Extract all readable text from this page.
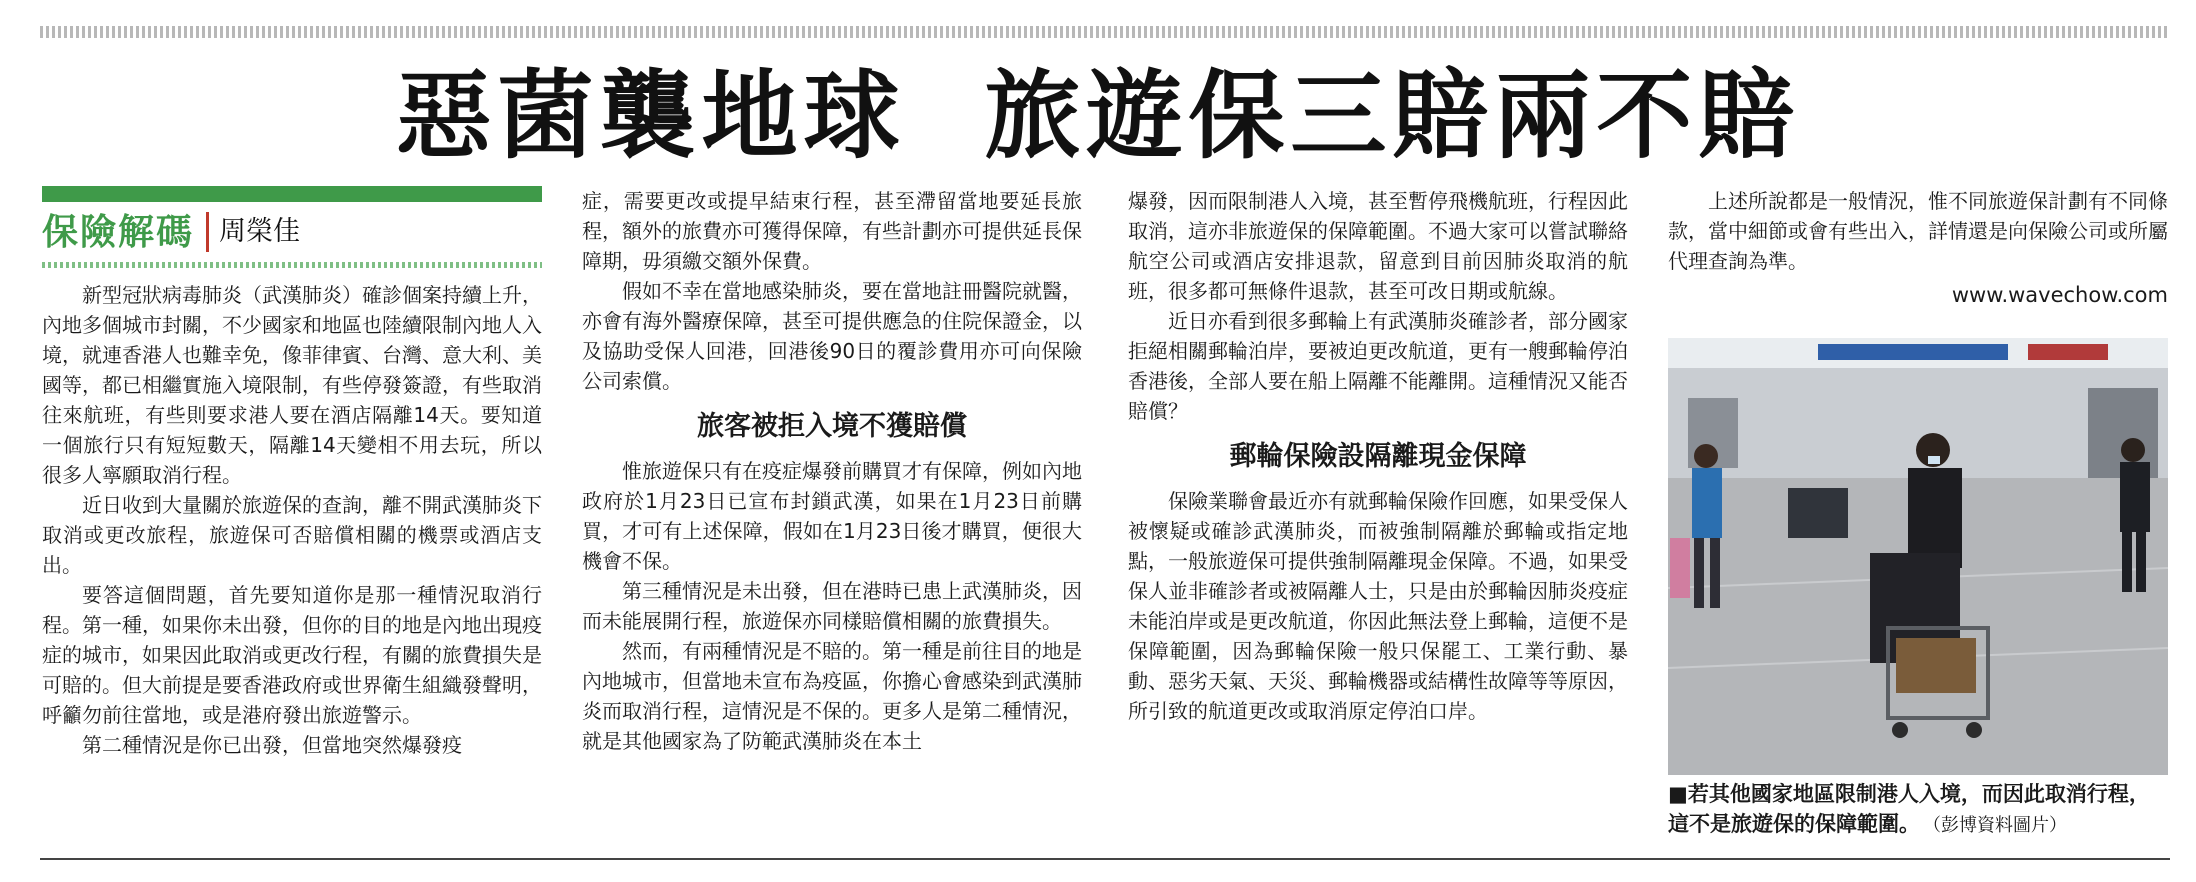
惡菌襲地球  旅遊保三賠兩不賠
保險解碼 周榮佳

新型冠狀病毒肺炎（武漢肺炎）確診個案持續上升，內地多個城市封關，不少國家和地區也陸續限制內地人入境，就連香港人也難幸免，像菲律賓、台灣、意大利、美國等，都已相繼實施入境限制，有些停發簽證，有些取消往來航班，有些則要求港人要在酒店隔離14天。要知道一個旅行只有短短數天，隔離14天變相不用去玩，所以很多人寧願取消行程。

近日收到大量關於旅遊保的查詢，離不開武漢肺炎下取消或更改旅程，旅遊保可否賠償相關的機票或酒店支出。

要答這個問題，首先要知道你是那一種情況取消行程。第一種，如果你未出發，但你的目的地是內地出現疫症的城市，如果因此取消或更改行程，有關的旅費損失是可賠的。但大前提是要香港政府或世界衛生組織發聲明，呼籲勿前往當地，或是港府發出旅遊警示。

第二種情況是你已出發，但當地突然爆發疫

症，需要更改或提早結束行程，甚至滯留當地要延長旅程，額外的旅費亦可獲得保障，有些計劃亦可提供延長保障期，毋須繳交額外保費。

假如不幸在當地感染肺炎，要在當地註冊醫院就醫，亦會有海外醫療保障，甚至可提供應急的住院保證金，以及協助受保人回港，回港後90日的覆診費用亦可向保險公司索償。

旅客被拒入境不獲賠償

惟旅遊保只有在疫症爆發前購買才有保障，例如內地政府於1月23日已宣布封鎖武漢，如果在1月23日前購買，才可有上述保障，假如在1月23日後才購買，便很大機會不保。

第三種情況是未出發，但在港時已患上武漢肺炎，因而未能展開行程，旅遊保亦同樣賠償相關的旅費損失。

然而，有兩種情況是不賠的。第一種是前往目的地是內地城市，但當地未宣布為疫區，你擔心會感染到武漢肺炎而取消行程，這情況是不保的。更多人是第二種情況，就是其他國家為了防範武漢肺炎在本土

爆發，因而限制港人入境，甚至暫停飛機航班，行程因此取消，這亦非旅遊保的保障範圍。不過大家可以嘗試聯絡航空公司或酒店安排退款，留意到目前因肺炎取消的航班，很多都可無條件退款，甚至可改日期或航線。

近日亦看到很多郵輪上有武漢肺炎確診者，部分國家拒絕相關郵輪泊岸，要被迫更改航道，更有一艘郵輪停泊香港後，全部人要在船上隔離不能離開。這種情況又能否賠償？

郵輪保險設隔離現金保障

保險業聯會最近亦有就郵輪保險作回應，如果受保人被懷疑或確診武漢肺炎，而被強制隔離於郵輪或指定地點，一般旅遊保可提供強制隔離現金保障。不過，如果受保人並非確診者或被隔離人士，只是由於郵輪因肺炎疫症未能泊岸或是更改航道，你因此無法登上郵輪，這便不是保障範圍，因為郵輪保險一般只保罷工、工業行動、暴動、惡劣天氣、天災、郵輪機器或結構性故障等等原因，所引致的航道更改或取消原定停泊口岸。

上述所說都是一般情況，惟不同旅遊保計劃有不同條款，當中細節或會有些出入，詳情還是向保險公司或所屬代理查詢為準。

www.wavechow.com
■若其他國家地區限制港人入境，而因此取消行程，這不是旅遊保的保障範圍。 （彭博資料圖片）
